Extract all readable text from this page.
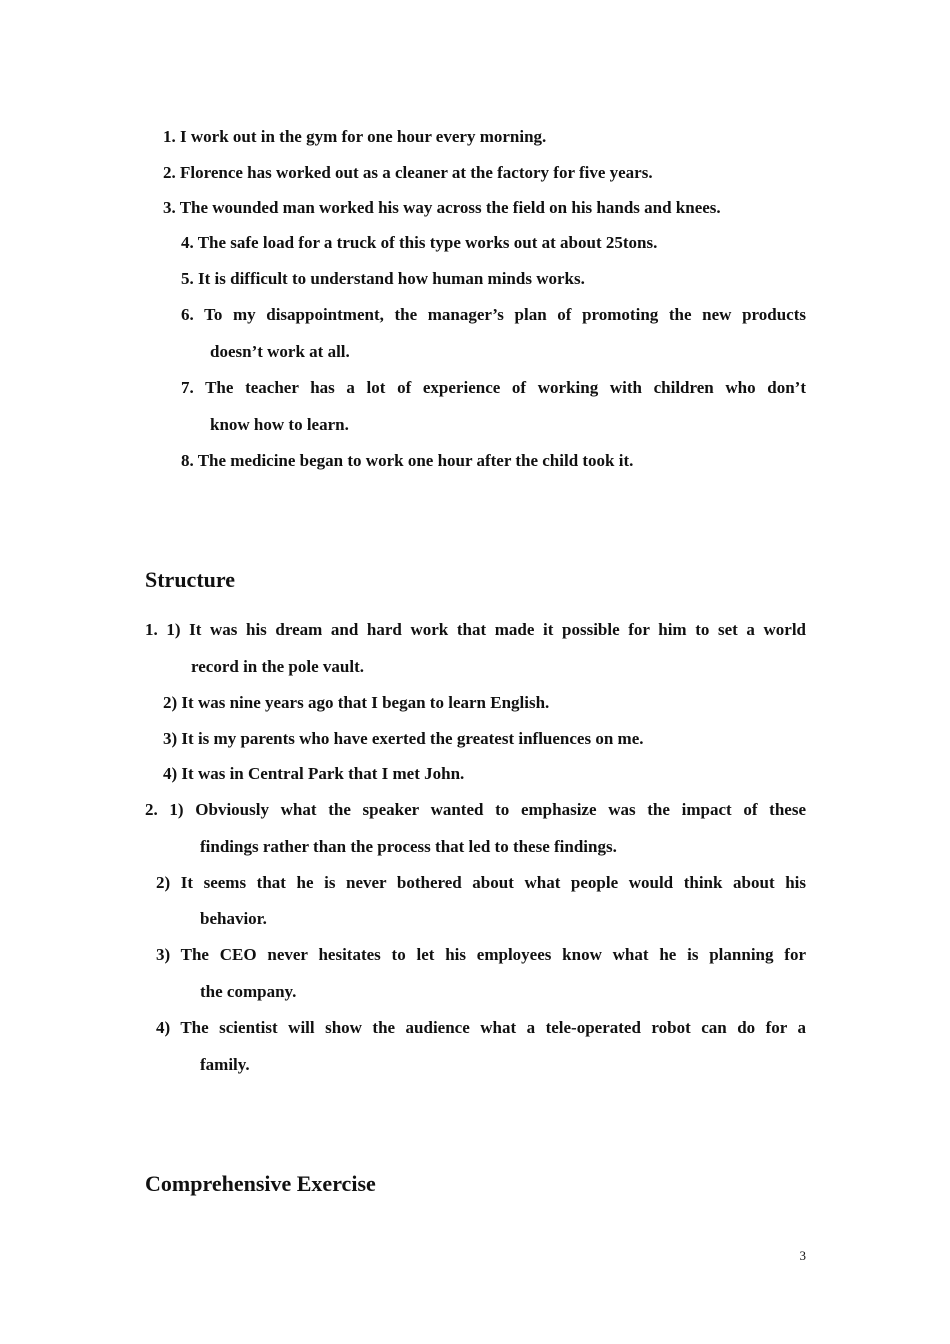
1. I work out in the gym for one hour every morning.
2. Florence has worked out as a cleaner at the factory for five years.
3. The wounded man worked his way across the field on his hands and knees.
4. The safe load for a truck of this type works out at about 25tons.
5. It is difficult to understand how human minds works.
6. To my disappointment, the manager’s plan of promoting the new products
doesn’t work at all.
7. The teacher has a lot of experience of working with children who don’t
know how to learn.
8. The medicine began to work one hour after the child took it.
Structure
1. 1) It was his dream and hard work that made it possible for him to set a world
record in the pole vault.
2) It was nine years ago that I began to learn English.
3) It is my parents who have exerted the greatest influences on me.
4) It was in Central Park that I met John.
2. 1) Obviously what the speaker wanted to emphasize was the impact of these
findings rather than the process that led to these findings.
2) It seems that he is never bothered about what people would think about his
behavior.
3) The CEO never hesitates to let his employees know what he is planning for
the company.
4) The scientist will show the audience what a tele-operated robot can do for a
family.
Comprehensive Exercise
3
